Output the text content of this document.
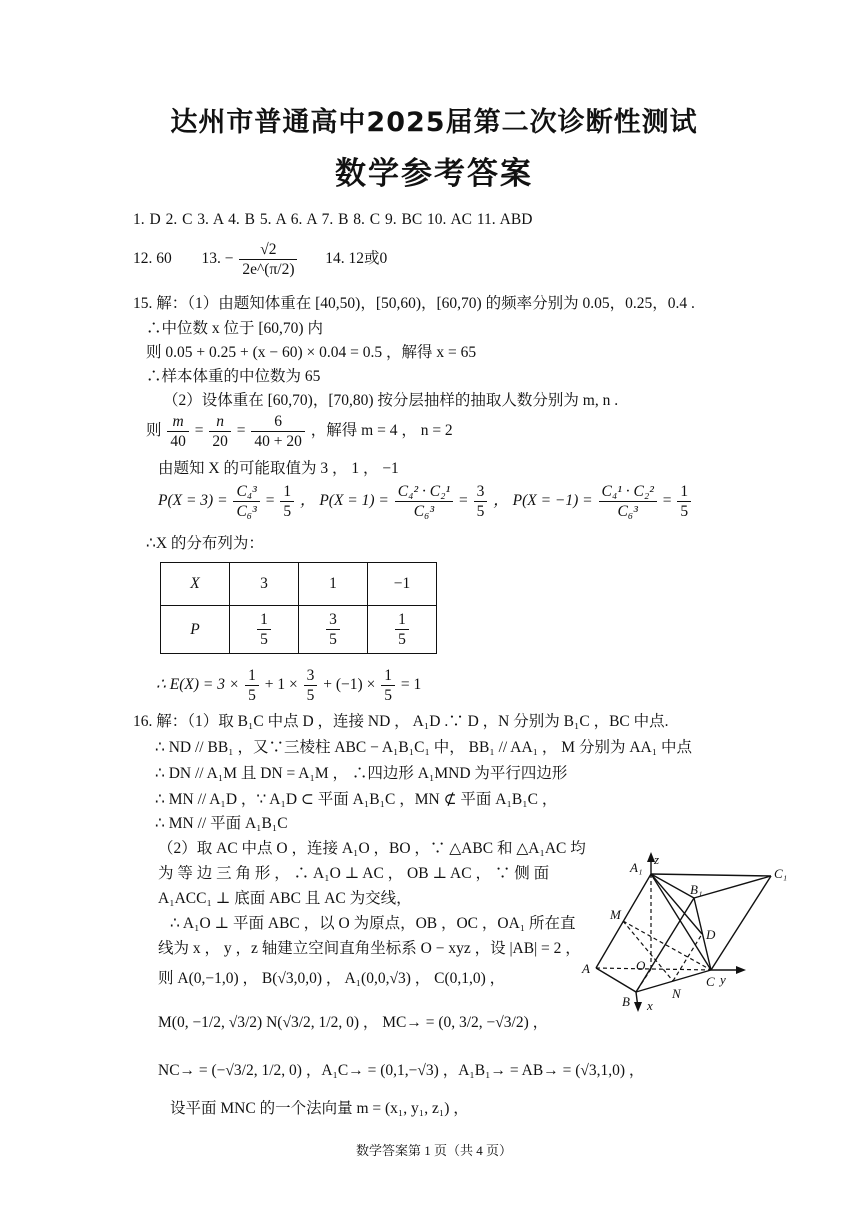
达州市普通高中2025届第二次诊断性测试
数学参考答案
1. D 2. C 3. A 4. B 5. A 6. A 7. B 8. C 9. BC 10. AC 11. ABD
12. 60 13. − $\frac{√2}{2e\^{}(\pi/2)} 14$. 12或0
15. 解：（1）由题知体重在 [40,50)，[50,60)，[60,70) 的频率分别为 0.05，0.25，0.4 .
∴中位数 x 位于 [60,70) 内
则 0.05 + 0.25 + (x − 60) × 0.04 = 0.5 ，解得 x = 65
∴样本体重的中位数为 65
（2）设体重在 [60,70)，[70,80) 按分层抽样的抽取人数分别为 m, n .
则 $\frac{m}{40} = \frac{n}{20} = \frac{6}{40 + 20}$ ，解得 m = 4 ， n = 2
由题知 X 的可能取值为 3 ， 1 ， −1
$P(X = 3) = \frac{\text{C₄³}}{\text{C₆³}} = \frac{1}{5}$ ， $P(X = 1) = \frac{\text{C₄² · C₂¹}}{\text{C₆³}} = \frac{3}{5}$ ， $P(X = -1) = \frac{\text{C₄¹ · C₂²}}{\text{C₆³}} = \frac{1}{5}$
∴X 的分布列为：
X	3	1	−1
P	$\frac{1}{5}$	$\frac{3}{5}$	$\frac{1}{5}$
∴ $E(X) = 3 \times \frac{1}{5} + 1 \times \frac{3}{5} + (-1) \times \frac{1}{5} = 1$
16. 解：（1）取 B₁C 中点 D ，连接 ND ， A₁D .∵ D ，N 分别为 B₁C ，BC 中点.
∴ ND // BB₁ ，又∵三棱柱 ABC − A₁B₁C₁ 中， BB₁ // AA₁ ， M 分别为 AA₁ 中点
∴ DN // A₁M 且 DN = A₁M ， ∴四边形 A₁MND 为平行四边形
∴ MN // A₁D ，∵ A₁D ⊂ 平面 A₁B₁C ，MN ⊄ 平面 A₁B₁C ，
∴ MN // 平面 A₁B₁C
（2）取 AC 中点 O ，连接 A₁O ，BO ，∵ △ABC 和 △A₁AC 均
为 等 边 三 角 形 ， ∴ A₁O ⊥ AC ， OB ⊥ AC ， ∵ 侧 面
A₁ACC₁ ⊥ 底面 ABC 且 AC 为交线，
∴ A₁O ⊥ 平面 ABC ，以 O 为原点，OB ，OC ，OA₁ 所在直
线为 x ， y ，z 轴建立空间直角坐标系 O − xyz ，设 |AB| = 2 ，
则 A(0,−1,0) ， B(√3,0,0) ， A₁(0,0,√3) ， C(0,1,0) ，
M(0, −1/2, √3/2) N(√3/2, 1/2, 0) ， MC→ = (0, 3/2, −√3/2) ，
NC→ = (−√3/2, 1/2, 0) ，A₁C→ = (0,1,−√3) ，A₁B₁→ = AB→ = (√3,1,0) ，
设平面 MNC 的一个法向量 m = (x₁, y₁, z₁) ，
A₁
z
C₁
B₁
M
D
O
A
C y
B x
N
数学答案第 1 页（共 4 页）
